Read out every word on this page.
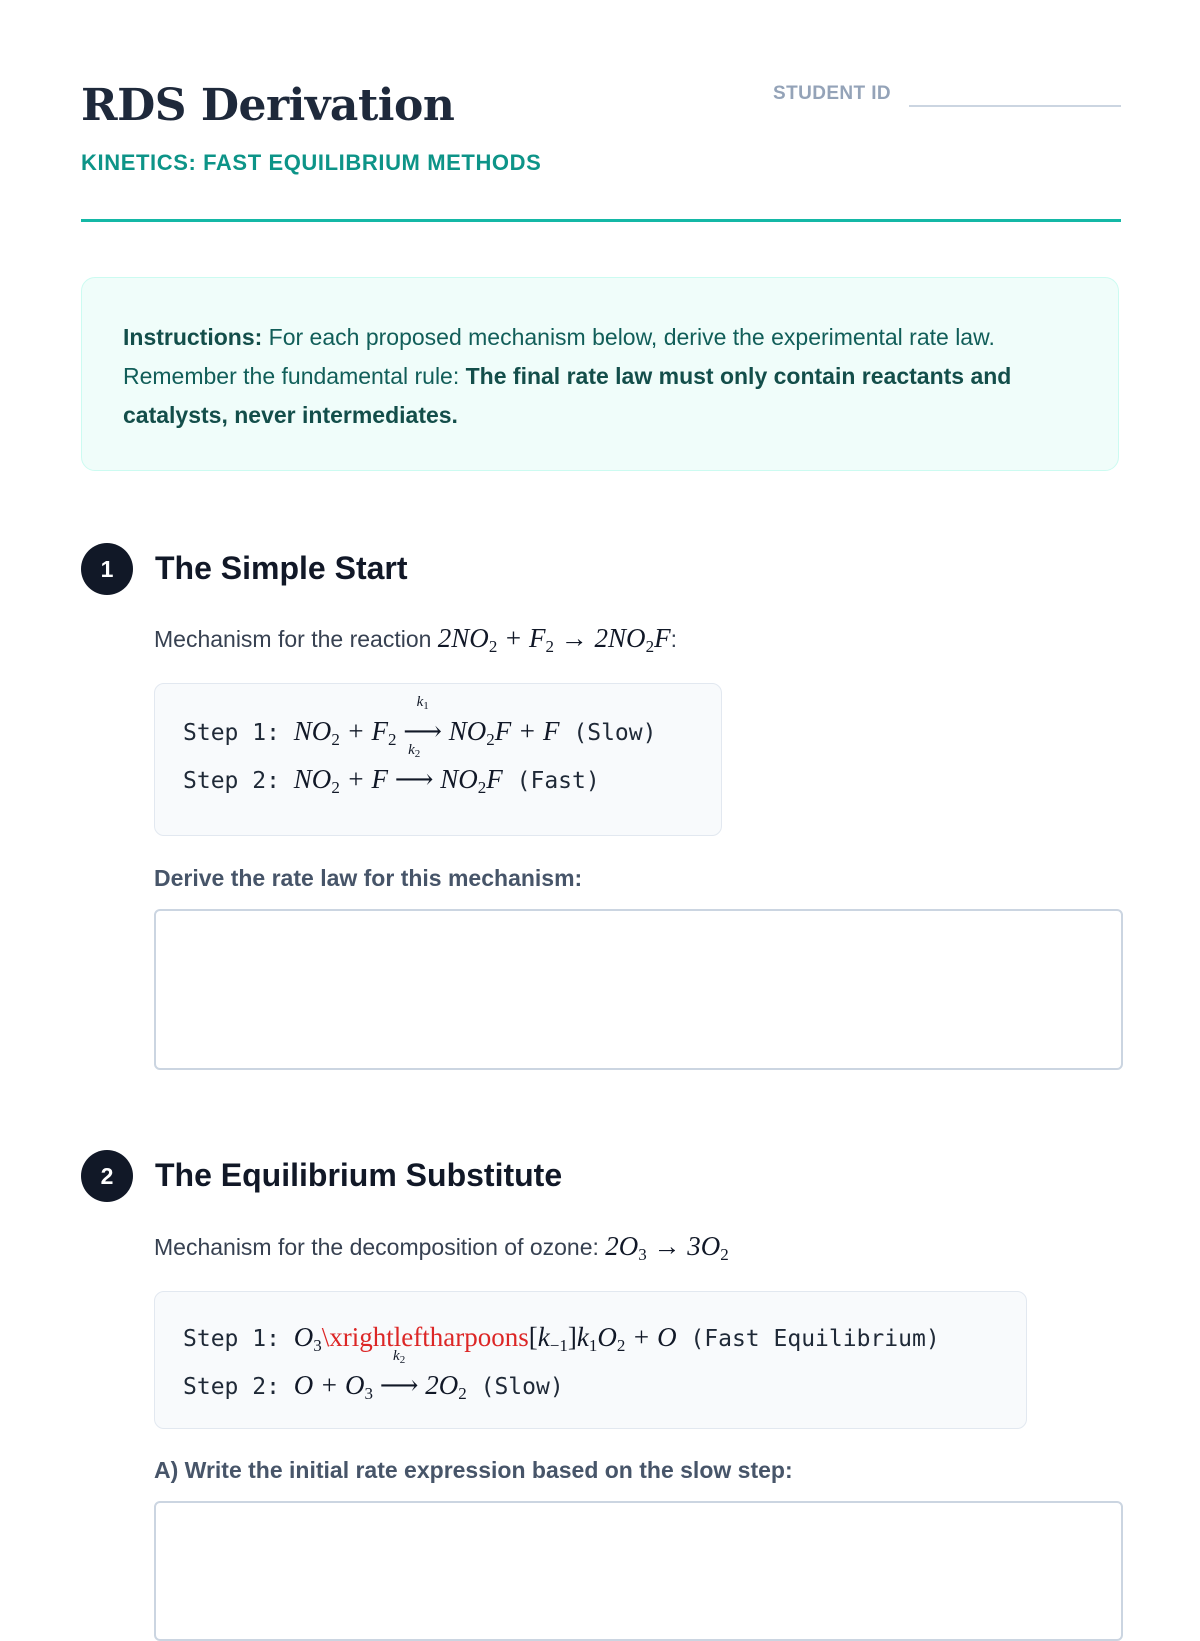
RDS Derivation
KINETICS: FAST EQUILIBRIUM METHODS
STUDENT ID
Instructions: For each proposed mechanism below, derive the experimental rate law. Remember the fundamental rule: The final rate law must only contain reactants and catalysts, never intermediates.
1	The Simple Start
Mechanism for the reaction $2NO_2 + F_2 \to 2NO_2F$:
Step 1: $NO_2 + F_2$
$k_1$
⟶ $NO_2F + F$ (Slow)
Step 2: $NO_2 + F$
$k_2$
⟶ $NO_2F$ (Fast)
Derive the rate law for this mechanism:
2	The Equilibrium Substitute
Mechanism for the decomposition of ozone: $2O_3 \to 3O_2$
Step 1: $O_3\backslash xrightleftharpoons[k_{-1}]k_1O_2 + O$ (Fast Equilibrium)
Step 2: $O + O_3$
$k_2$
⟶ $2O_2$ (Slow)
A) Write the initial rate expression based on the slow step:
